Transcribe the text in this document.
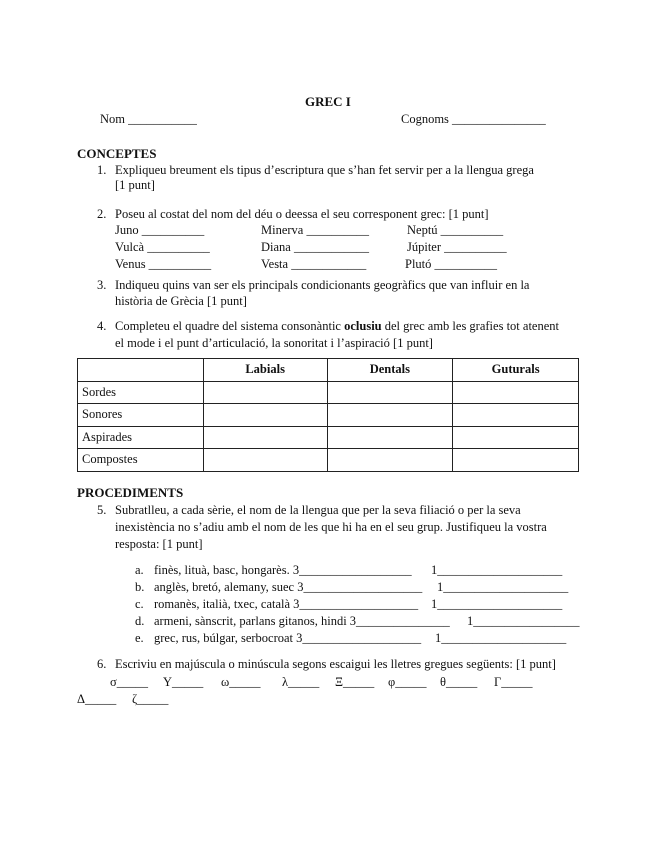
GREC I
Nom ___________	Cognoms _______________
CONCEPTES
1. Expliqueu breument els tipus d’escriptura que s’han fet servir per a la llengua grega
[1 punt]
2. Poseu al costat del nom del déu o deessa el seu corresponent grec: [1 punt]
Juno __________	Minerva __________	Neptú __________
Vulcà __________	Diana ____________	Júpiter __________
Venus __________	Vesta ____________	Plutó __________
3. Indiqueu quins van ser els principals condicionants geogràfics que van influir en la
història de Grècia [1 punt]
4. Completeu el quadre del sistema consonàntic oclusiu del grec amb les grafies tot atenent
el mode i el punt d’articulació, la sonoritat i l’aspiració [1 punt]
	Labials	Dentals	Guturals
Sordes			
Sonores			
Aspirades			
Compostes			
PROCEDIMENTS
5. Subratlleu, a cada sèrie, el nom de la llengua que per la seva filiació o per la seva
inexistència no s’adiu amb el nom de les que hi ha en el seu grup. Justifiqueu la vostra
resposta: [1 punt]
a. finès, lituà, basc, hongarès. 3__________________ 1____________________
b. anglès, bretó, alemany, suec 3___________________ 1____________________
c. romanès, italià, txec, català 3___________________ 1____________________
d. armeni, sànscrit, parlans gitanos, hindi 3_______________ 1_________________
e. grec, rus, búlgar, serbocroat 3___________________ 1____________________
6. Escriviu en majúscula o minúscula segons escaigui les lletres gregues següents: [1 punt]
σ_____ Υ_____ ω_____ λ_____ Ξ_____ φ_____ θ_____ Γ_____
Δ_____ ζ_____
